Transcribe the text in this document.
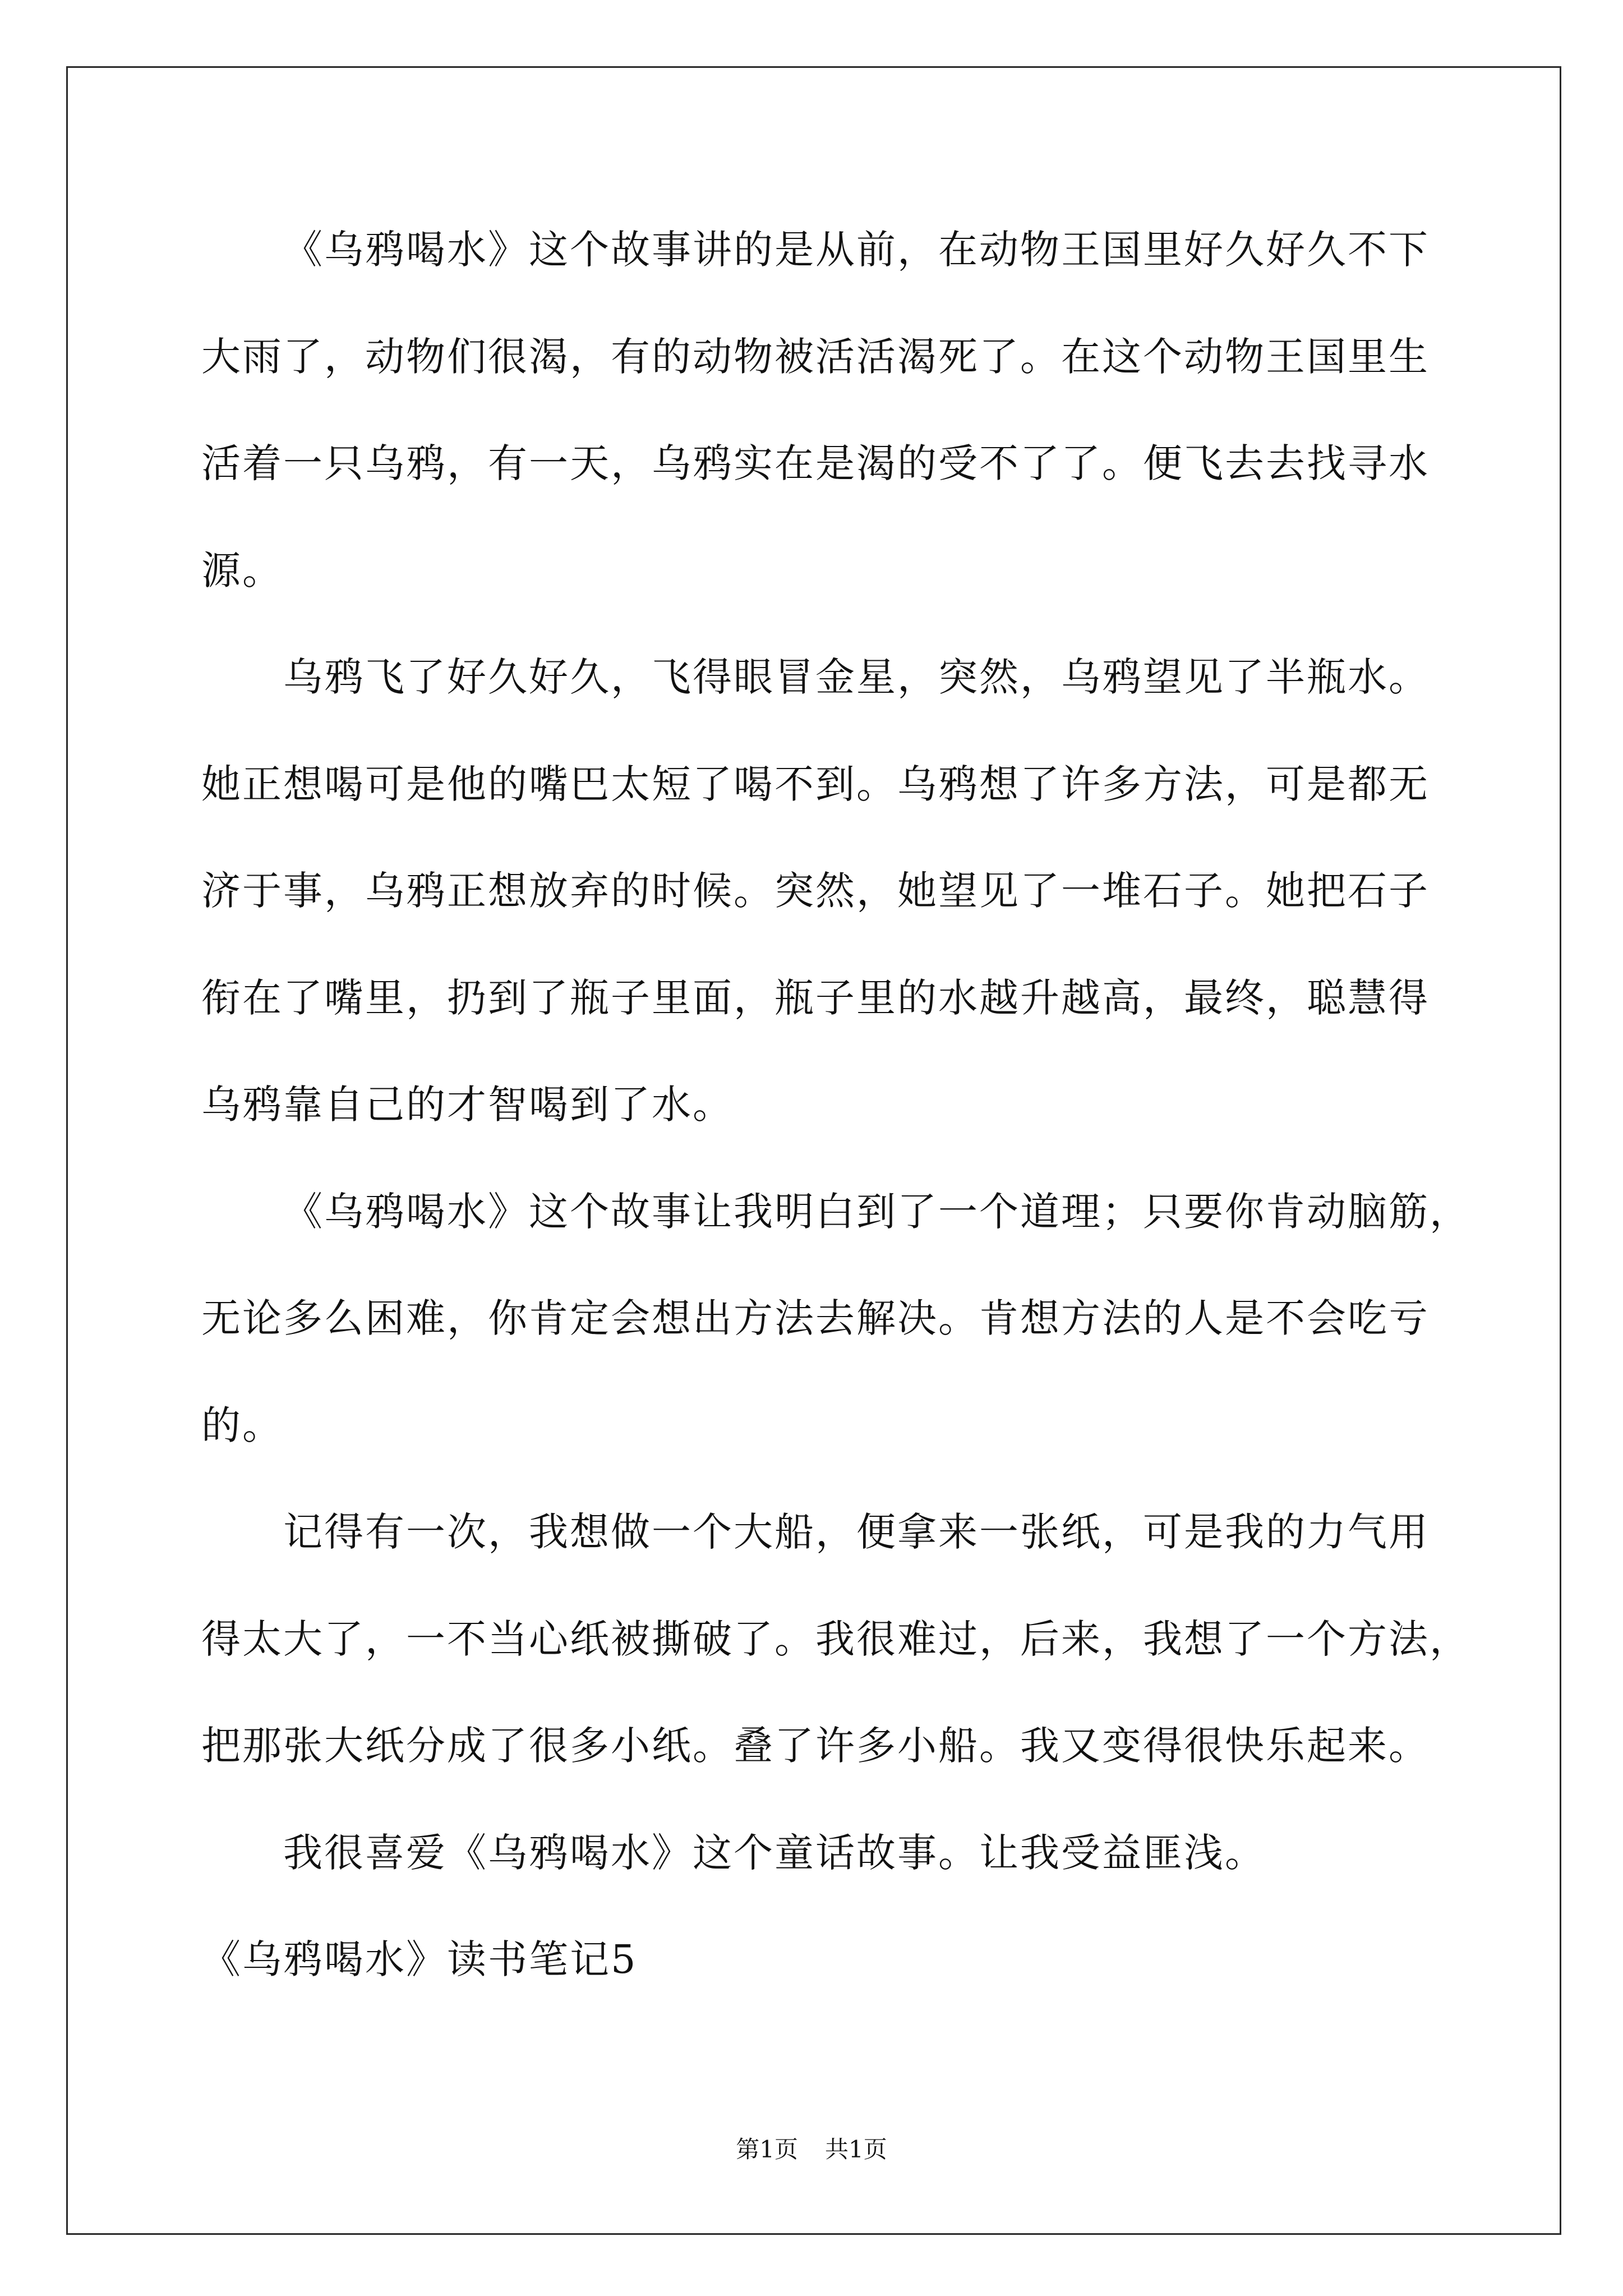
《乌鸦喝水》这个故事讲的是从前，在动物王国里好久好久不下
大雨了，动物们很渴，有的动物被活活渴死了。在这个动物王国里生
活着一只乌鸦，有一天，乌鸦实在是渴的受不了了。便飞去去找寻水
源。
乌鸦飞了好久好久，飞得眼冒金星，突然，乌鸦望见了半瓶水。
她正想喝可是他的嘴巴太短了喝不到。乌鸦想了许多方法，可是都无
济于事，乌鸦正想放弃的时候。突然，她望见了一堆石子。她把石子
衔在了嘴里，扔到了瓶子里面，瓶子里的水越升越高，最终，聪慧得
乌鸦靠自己的才智喝到了水。
《乌鸦喝水》这个故事让我明白到了一个道理；只要你肯动脑筋，
无论多么困难，你肯定会想出方法去解决。肯想方法的人是不会吃亏
的。
记得有一次，我想做一个大船，便拿来一张纸，可是我的力气用
得太大了，一不当心纸被撕破了。我很难过，后来，我想了一个方法，
把那张大纸分成了很多小纸。叠了许多小船。我又变得很快乐起来。
我很喜爱《乌鸦喝水》这个童话故事。让我受益匪浅。
《乌鸦喝水》读书笔记5
第1页 共1页
